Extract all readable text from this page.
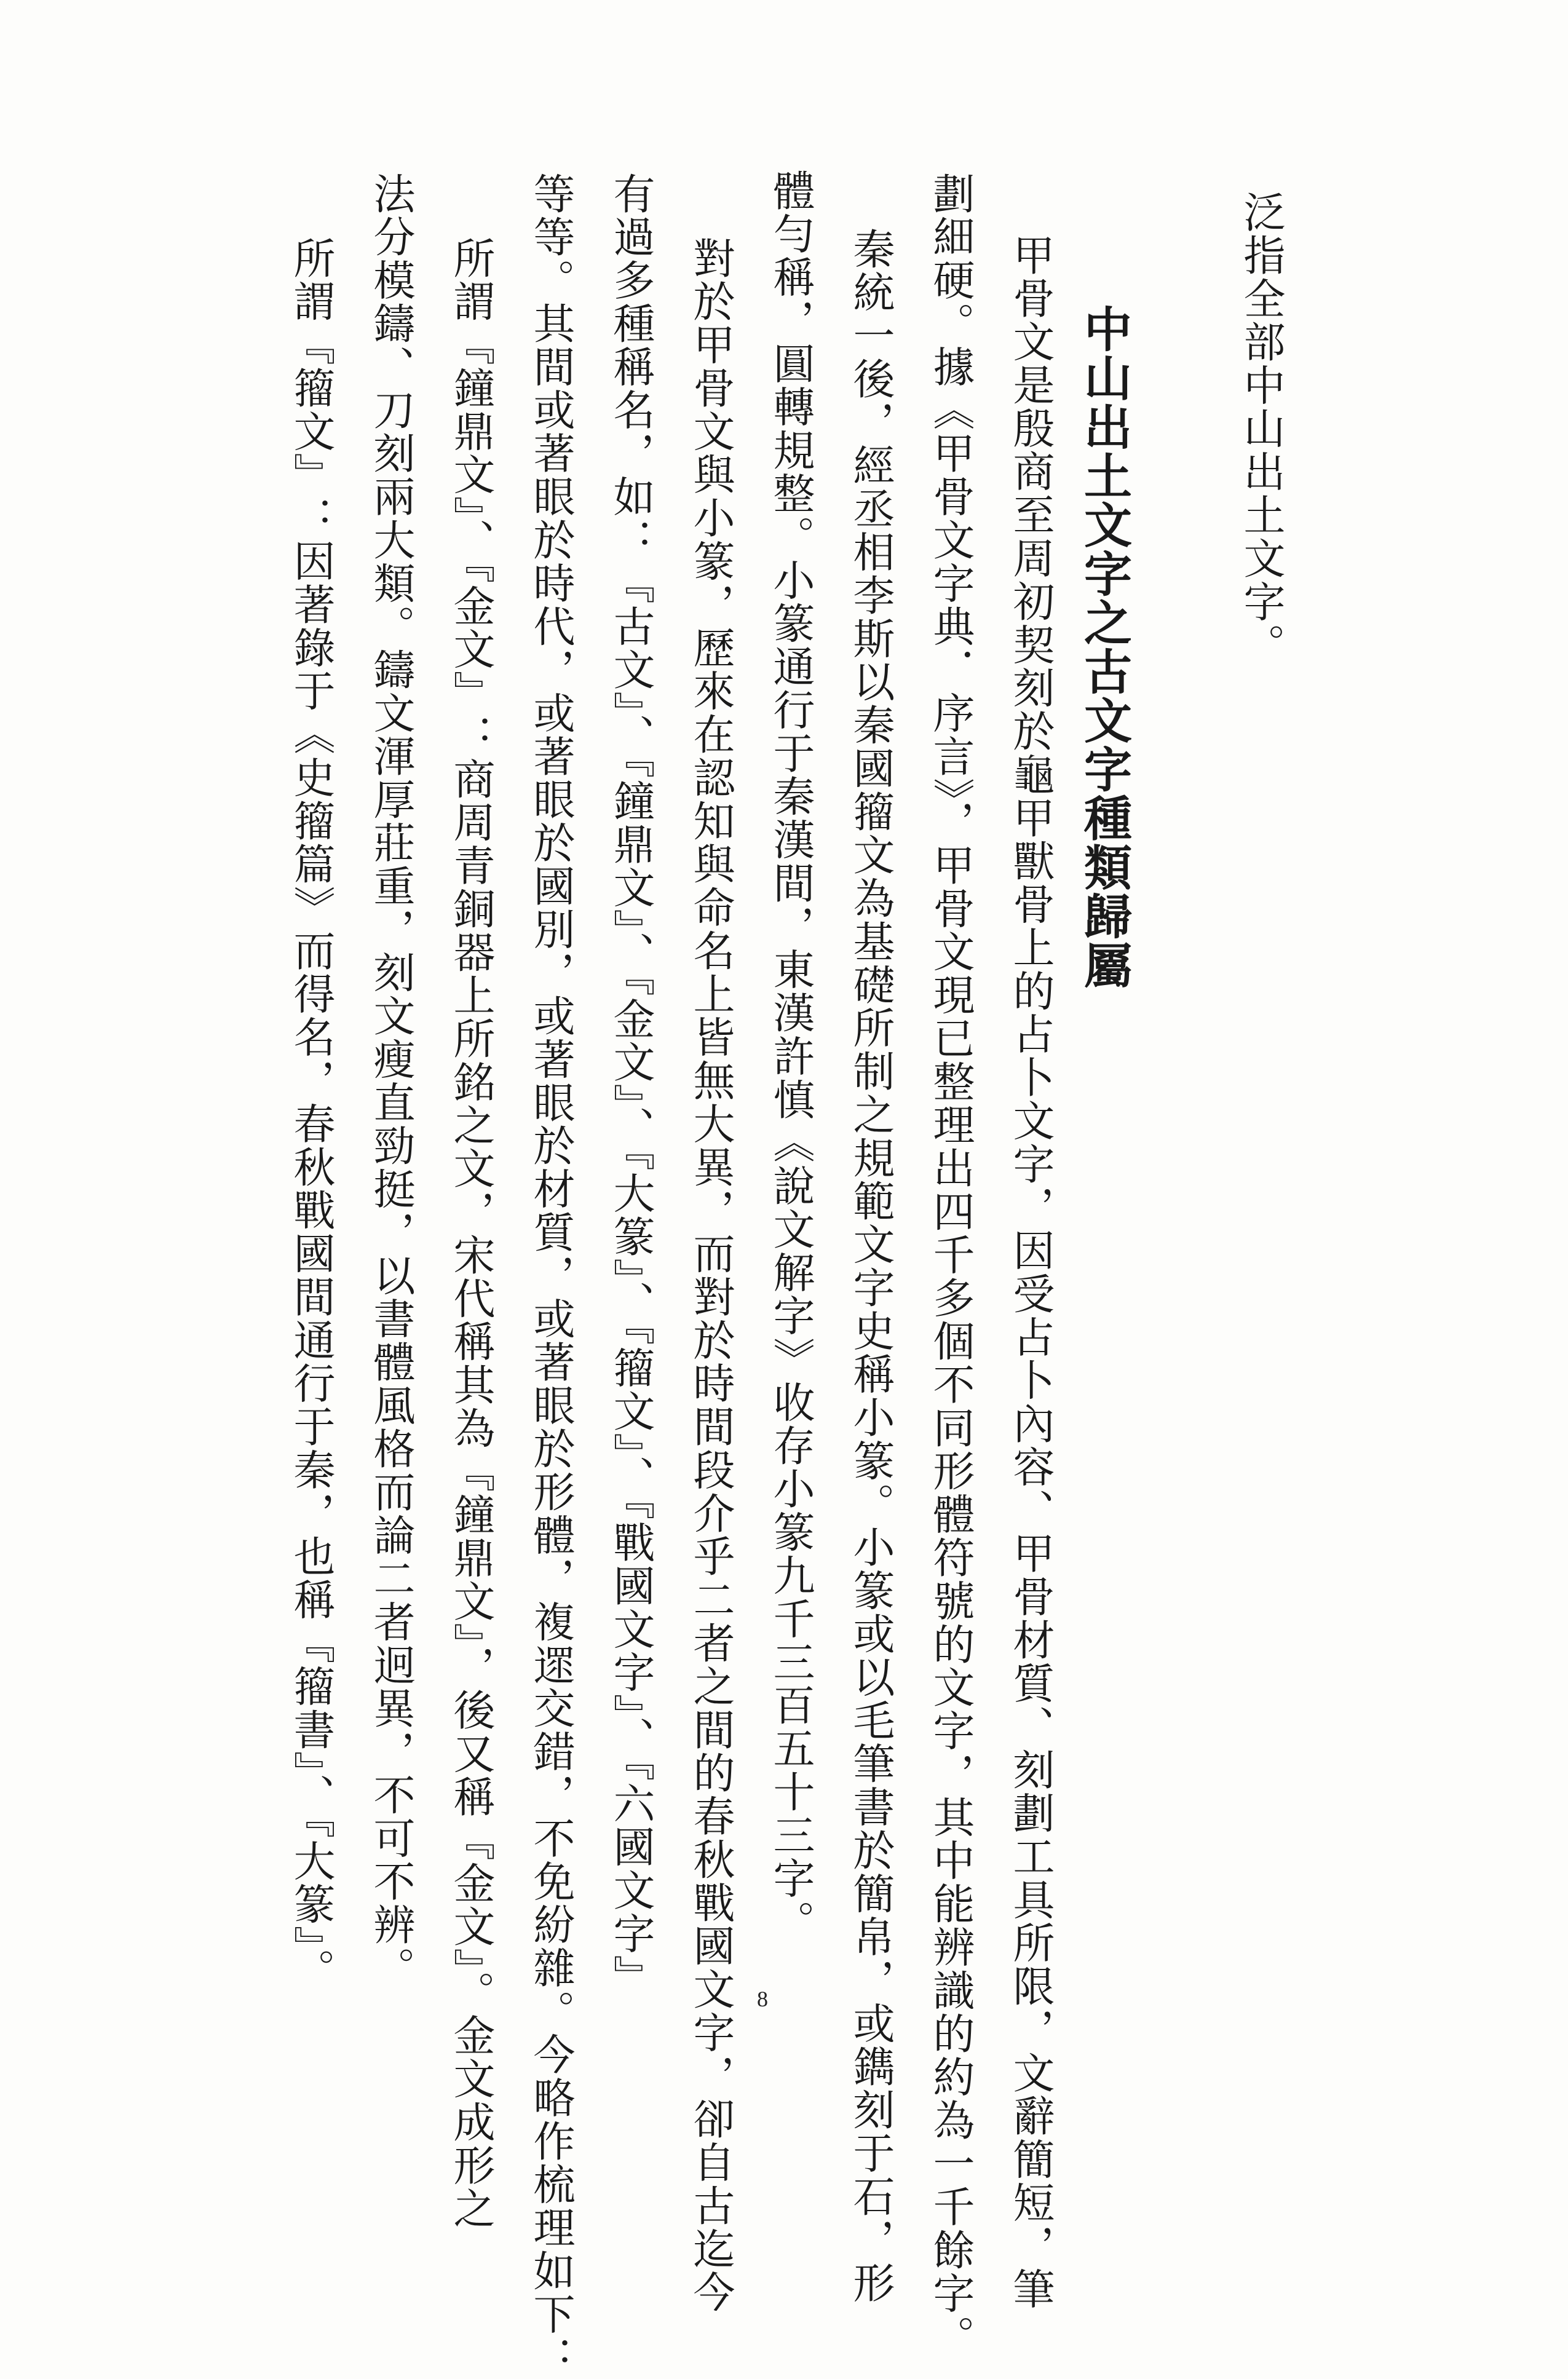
泛指全部中山出土文字。
中山出土文字之古文字種類歸屬
甲骨文是殷商至周初契刻於龜甲獸骨上的占卜文字，因受占卜內容、甲骨材質、刻劃工具所限，文辭簡短，筆
劃細硬。據《甲骨文字典．序言》，甲骨文現已整理出四千多個不同形體符號的文字，其中能辨識的約為一千餘字。
秦統一後，經丞相李斯以秦國籀文為基礎所制之規範文字史稱小篆。小篆或以毛筆書於簡帛，或鐫刻于石，形
體勻稱，圓轉規整。小篆通行于秦漢間，東漢許慎《說文解字》收存小篆九千三百五十三字。
對於甲骨文與小篆，歷來在認知與命名上皆無大異，而對於時間段介乎二者之間的春秋戰國文字，卻自古迄今
有過多種稱名，如：『古文』、『鐘鼎文』、『金文』、『大篆』、『籀文』、『戰國文字』、『六國文字』
等等。其間或著眼於時代，或著眼於國別，或著眼於材質，或著眼於形體，複遝交錯，不免紛雜。今略作梳理如下：
所謂『鐘鼎文』、『金文』：商周青銅器上所銘之文，宋代稱其為『鐘鼎文』，後又稱『金文』。金文成形之
法分模鑄、刀刻兩大類。鑄文渾厚莊重，刻文瘦直勁挺，以書體風格而論二者迥異，不可不辨。
所謂『籀文』：因著錄于《史籀篇》而得名，春秋戰國間通行于秦，也稱『籀書』、『大篆』。
8
